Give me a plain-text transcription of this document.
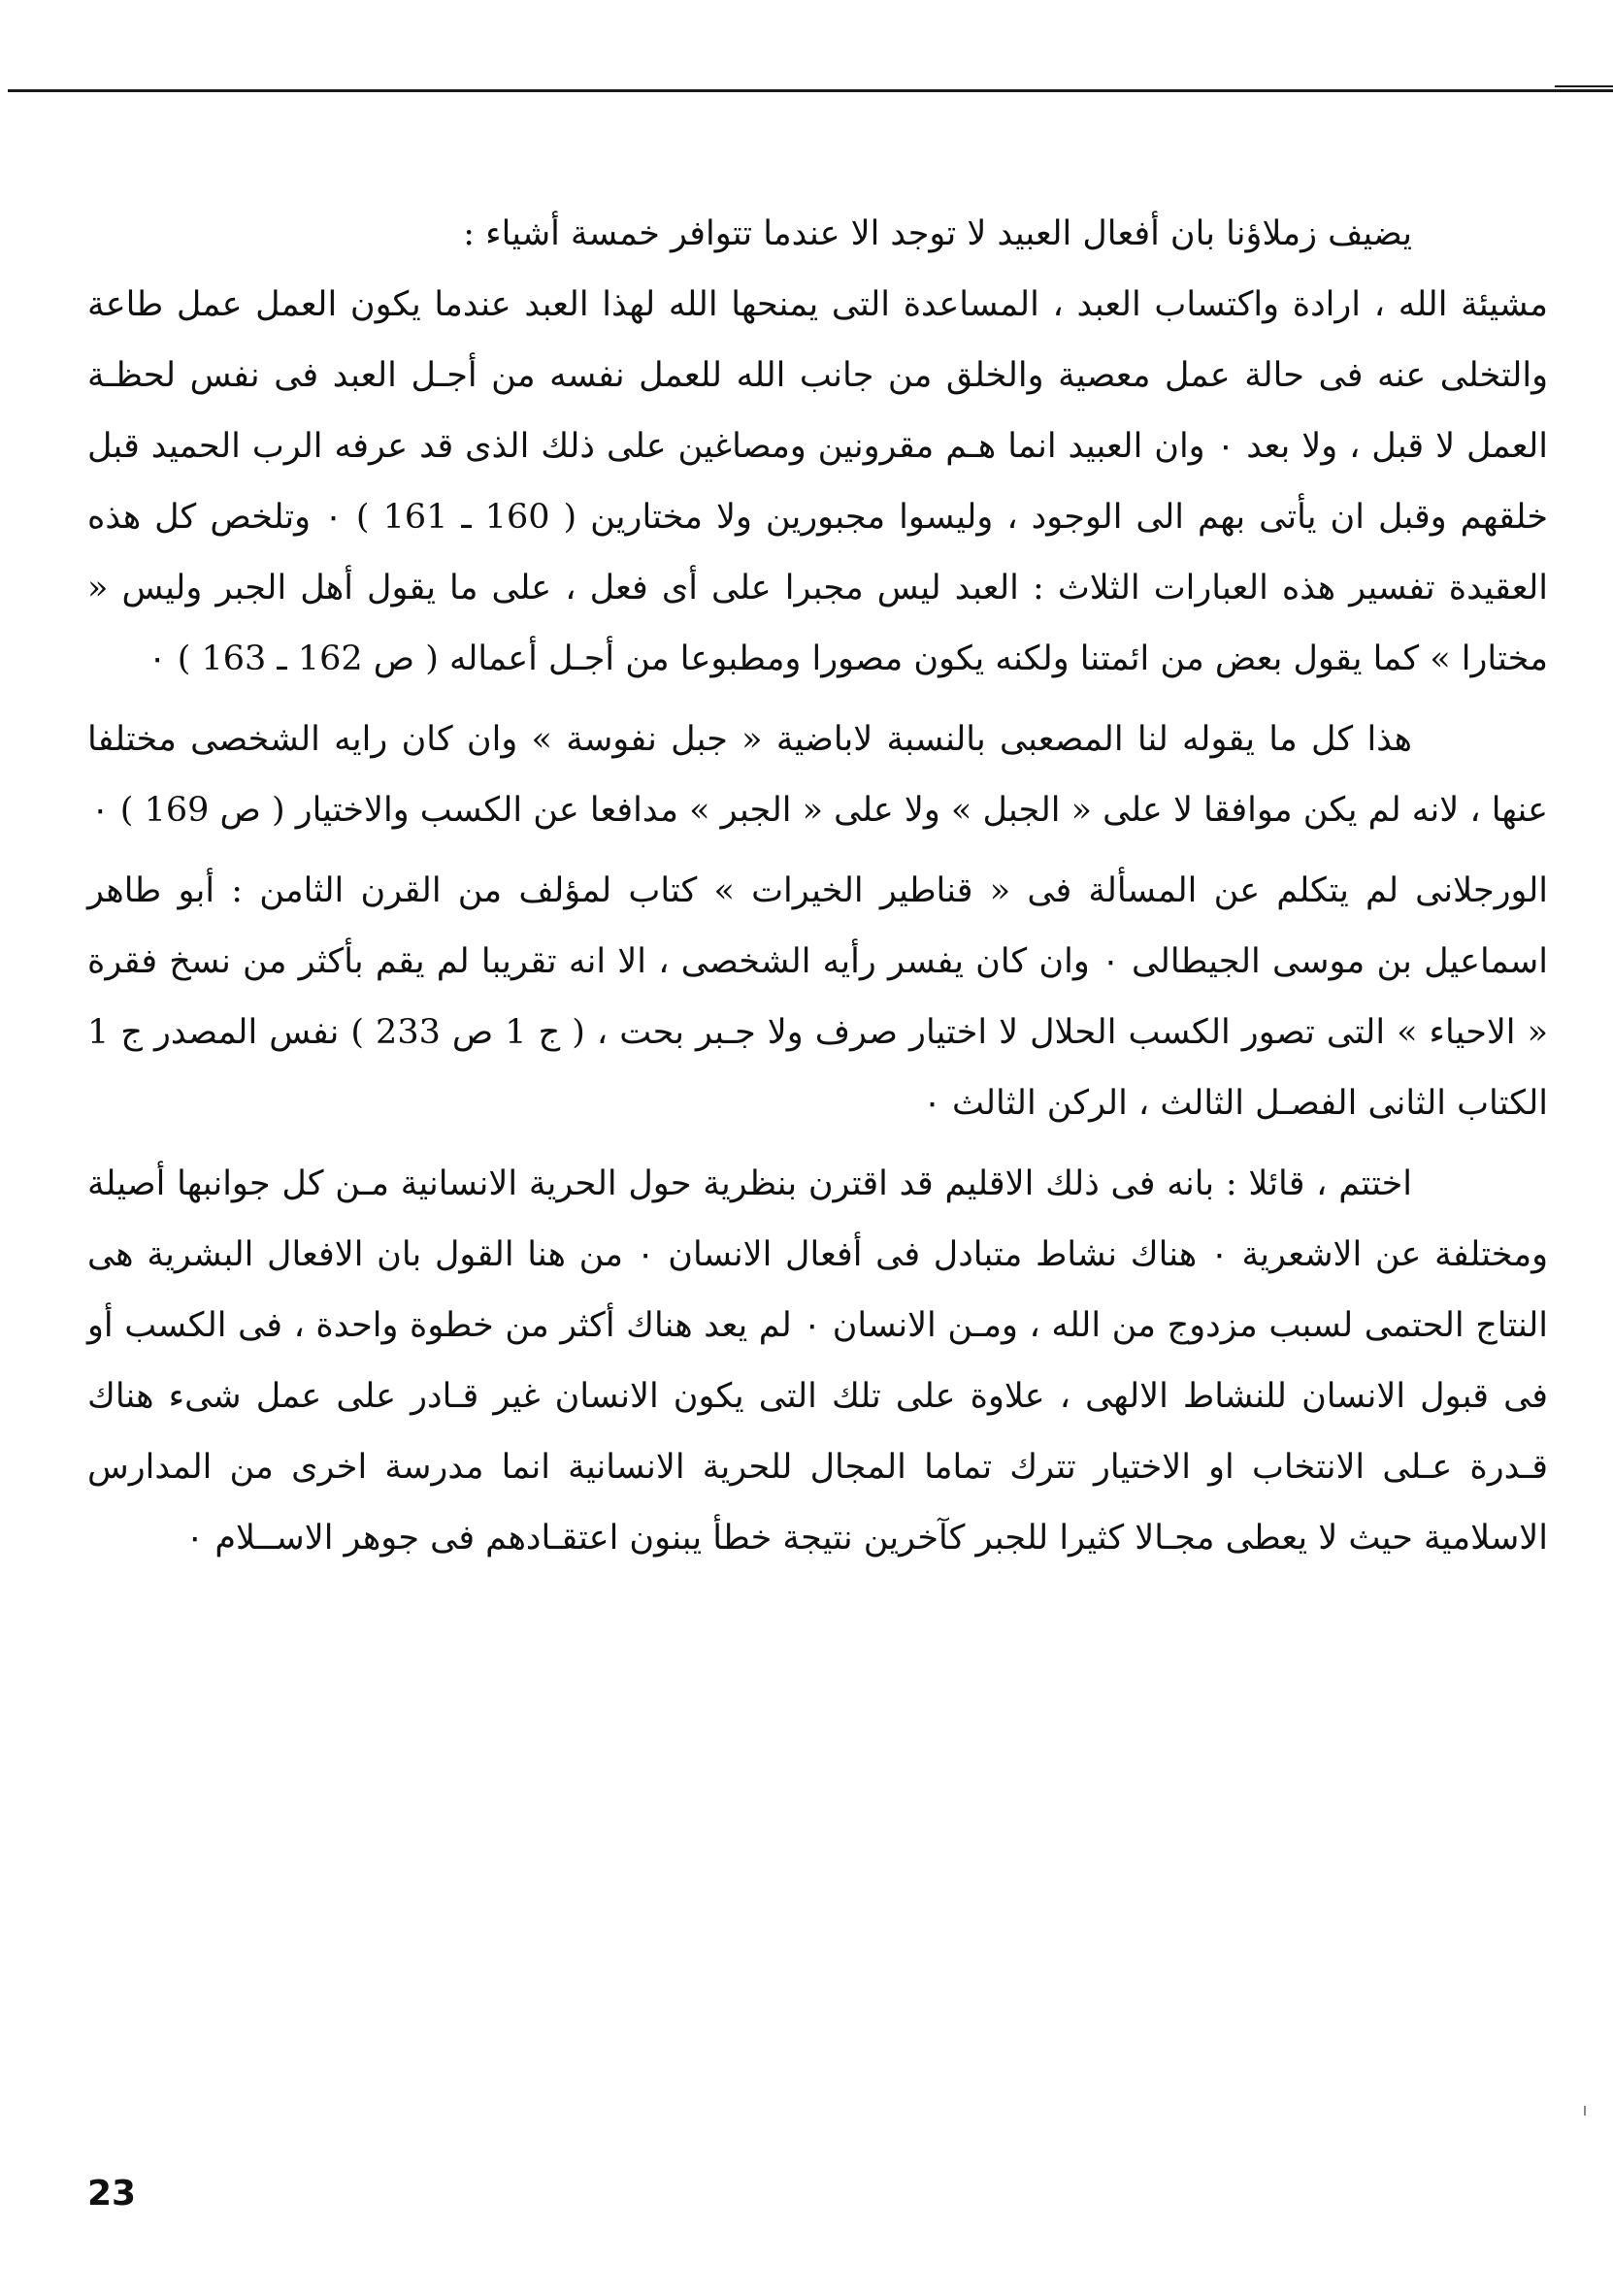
يضيف زملاؤنا بان أفعال العبيد لا توجد الا عندما تتوافر خمسة أشياء :

مشيئة الله ، ارادة واكتساب العبد ، المساعدة التى يمنحها الله لهذا العبد عندما يكون العمل عمل طاعة والتخلى عنه فى حالة عمل معصية والخلق من جانب الله للعمل نفسه من أجـل العبد فى نفس لحظـة العمل لا قبل ، ولا بعد ٠ وان العبيد انما هـم مقرونين ومصاغين على ذلك الذى قد عرفه الرب الحميد قبل خلقهم وقبل ان يأتى بهم الى الوجود ، وليسوا مجبورين ولا مختارين ( 160 ـ 161 ) ٠ وتلخص كل هذه العقيدة تفسير هذه العبارات الثلاث : العبد ليس مجبرا على أى فعل ، على ما يقول أهل الجبر وليس « مختارا » كما يقول بعض من ائمتنا ولكنه يكون مصورا ومطبوعا من أجـل أعماله ( ص 162 ـ 163 ) ٠

هذا كل ما يقوله لنا المصعبى بالنسبة لاباضية « جبل نفوسة » وان كان رايه الشخصى مختلفا عنها ، لانه لم يكن موافقا لا على « الجبل » ولا على « الجبر » مدافعا عن الكسب والاختيار ( ص 169 ) ٠

الورجلانى لم يتكلم عن المسألة فى « قناطير الخيرات » كتاب لمؤلف من القرن الثامن : أبو طاهر اسماعيل بن موسى الجيطالى ٠ وان كان يفسر رأيه الشخصى ، الا انه تقريبا لم يقم بأكثر من نسخ فقرة « الاحياء » التى تصور الكسب الحلال لا اختيار صرف ولا جـبر بحت ، ( ج 1 ص 233 ) نفس المصدر ج 1 الكتاب الثانى الفصـل الثالث ، الركن الثالث ٠

اختتم ، قائلا : بانه فى ذلك الاقليم قد اقترن بنظرية حول الحرية الانسانية مـن كل جوانبها أصيلة ومختلفة عن الاشعرية ٠ هناك نشاط متبادل فى أفعال الانسان ٠ من هنا القول بان الافعال البشرية هى النتاج الحتمى لسبب مزدوج من الله ، ومـن الانسان ٠ لم يعد هناك أكثر من خطوة واحدة ، فى الكسب أو فى قبول الانسان للنشاط الالهى ، علاوة على تلك التى يكون الانسان غير قـادر على عمل شىء هناك قـدرة عـلى الانتخاب او الاختيار تترك تماما المجال للحرية الانسانية انما مدرسة اخرى من المدارس الاسلامية حيث لا يعطى مجـالا كثيرا للجبر كآخرين نتيجة خطأ يبنون اعتقـادهم فى جوهر الاســلام ٠

23
